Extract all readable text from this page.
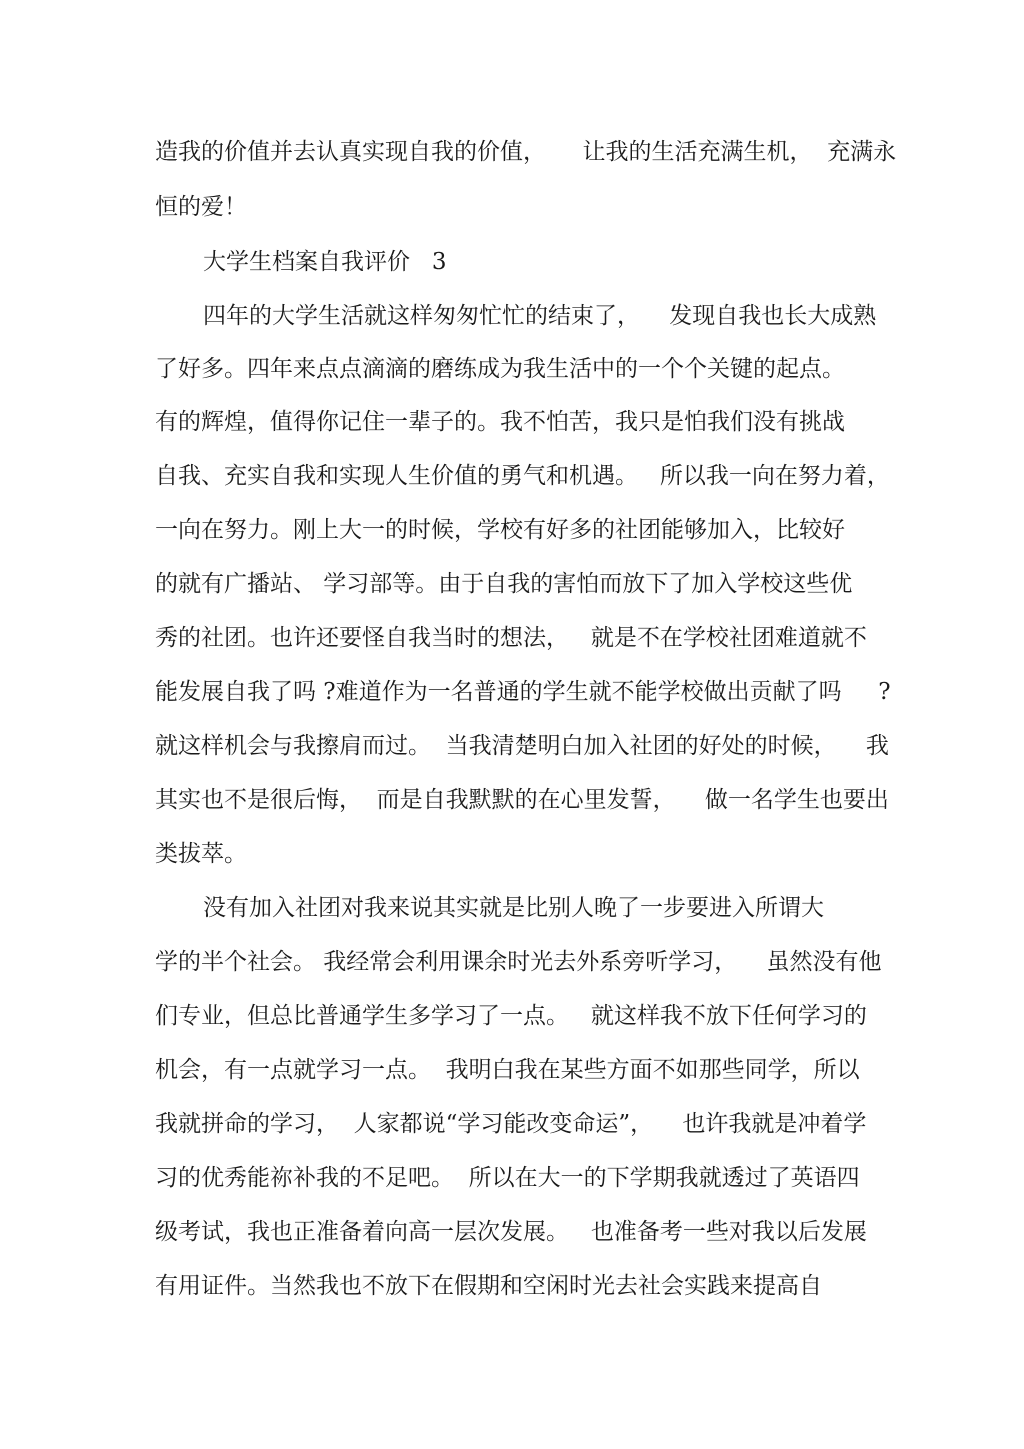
造我的价值并去认真实现自我的价值，     让我的生活充满生机，  充满永
恒的爱！
大学生档案自我评价   3
四年的大学生活就这样匆匆忙忙的结束了，    发现自我也长大成熟
了好多。四年来点点滴滴的磨练成为我生活中的一个个关键的起点。
有的辉煌，值得你记住一辈子的。我不怕苦，我只是怕我们没有挑战
自我、充实自我和实现人生价值的勇气和机遇。   所以我一向在努力着，
一向在努力。刚上大一的时候，学校有好多的社团能够加入，比较好
的就有广播站、 学习部等。由于自我的害怕而放下了加入学校这些优
秀的社团。也许还要怪自我当时的想法，   就是不在学校社团难道就不
能发展自我了吗 ?难道作为一名普通的学生就不能学校做出贡献了吗     ?
就这样机会与我擦肩而过。  当我清楚明白加入社团的好处的时候，    我
其实也不是很后悔，  而是自我默默的在心里发誓，    做一名学生也要出
类拔萃。
没有加入社团对我来说其实就是比别人晚了一步要进入所谓大
学的半个社会。 我经常会利用课余时光去外系旁听学习，    虽然没有他
们专业，但总比普通学生多学习了一点。   就这样我不放下任何学习的
机会，有一点就学习一点。  我明白我在某些方面不如那些同学，所以
我就拼命的学习，  人家都说“学习能改变命运”，    也许我就是冲着学
习的优秀能祢补我的不足吧。  所以在大一的下学期我就透过了英语四
级考试，我也正准备着向高一层次发展。   也准备考一些对我以后发展
有用证件。当然我也不放下在假期和空闲时光去社会实践来提高自
